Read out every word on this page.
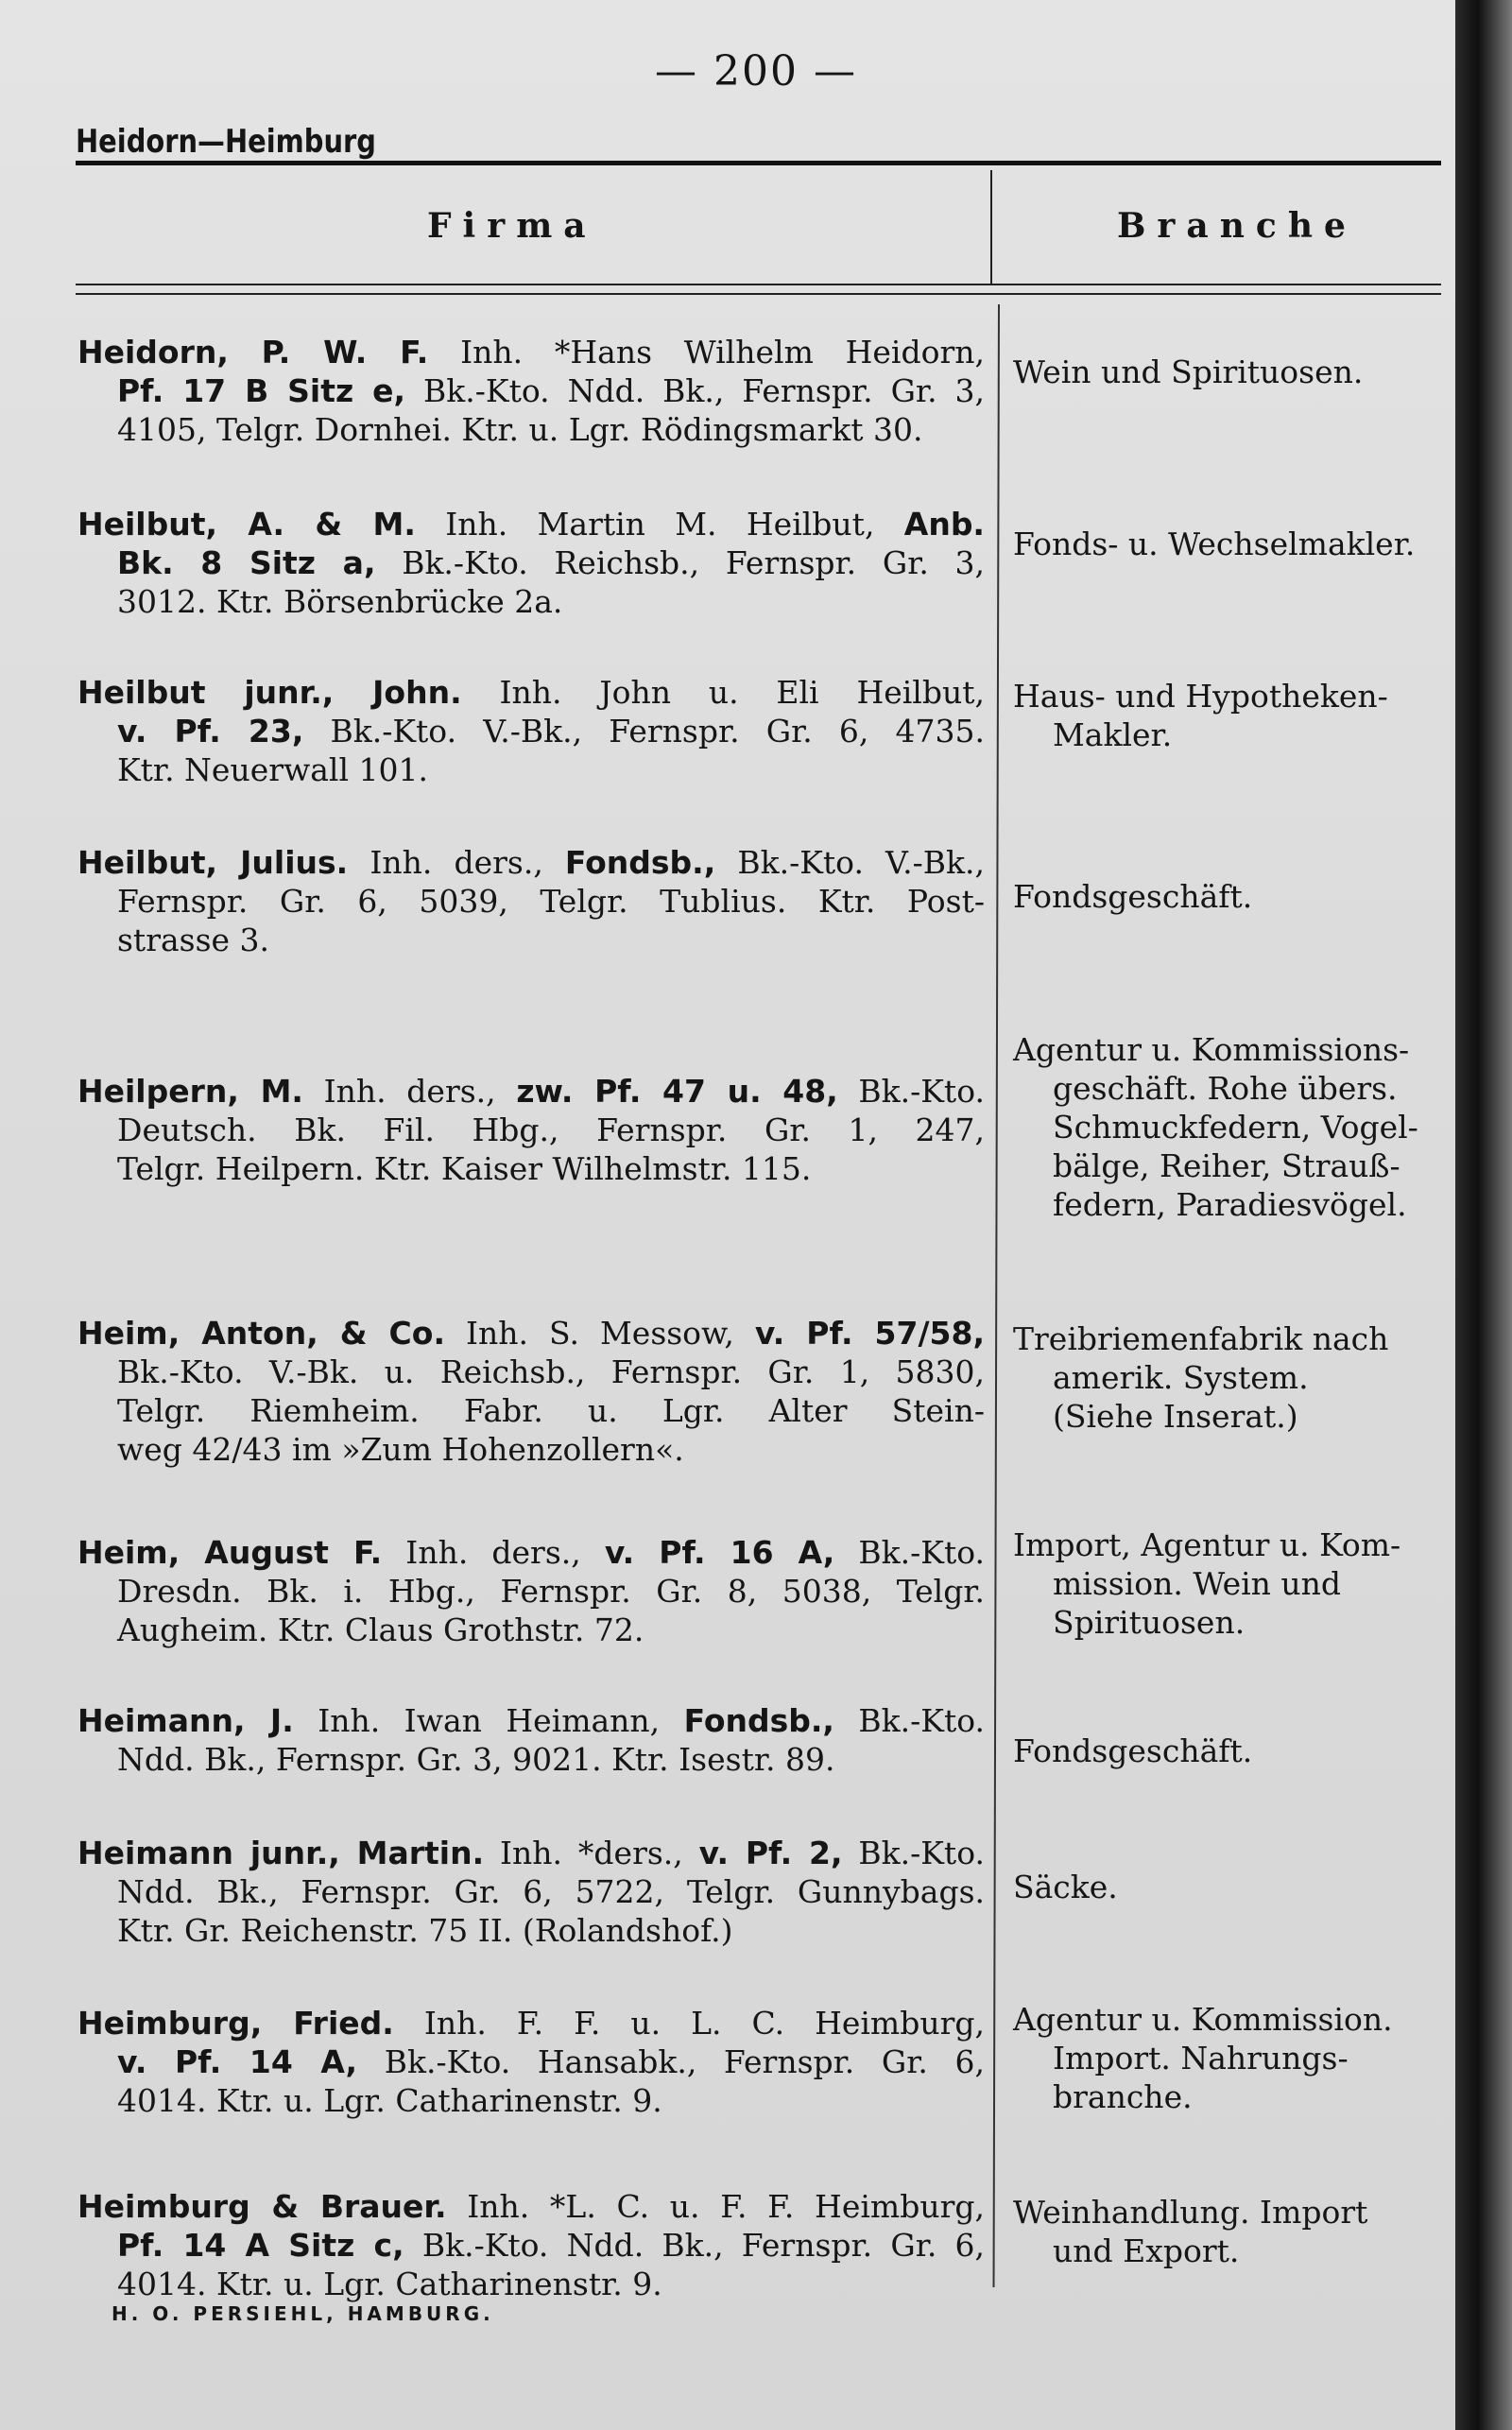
— 200 —
Heidorn—Heimburg
Firma	Branche

Heidorn, P. W. F. Inh. *Hans Wilhelm Heidorn,

Pf. 17 B Sitz e, Bk.-Kto. Ndd. Bk., Fernspr. Gr. 3,

4105, Telgr. Dornhei. Ktr. u. Lgr. Rödingsmarkt 30.

Wein und Spirituosen.

Heilbut, A. & M. Inh. Martin M. Heilbut, Anb.

Bk. 8 Sitz a, Bk.-Kto. Reichsb., Fernspr. Gr. 3,

3012. Ktr. Börsenbrücke 2a.

Fonds- u. Wechselmakler.

Heilbut junr., John. Inh. John u. Eli Heilbut,

v. Pf. 23, Bk.-Kto. V.-Bk., Fernspr. Gr. 6, 4735.

Ktr. Neuerwall 101.

Haus- und Hypotheken-
Makler.

Heilbut, Julius. Inh. ders., Fondsb., Bk.-Kto. V.-Bk.,

Fernspr. Gr. 6, 5039, Telgr. Tublius. Ktr. Post-

strasse 3.

Fondsgeschäft.

Heilpern, M. Inh. ders., zw. Pf. 47 u. 48, Bk.-Kto.

Deutsch. Bk. Fil. Hbg., Fernspr. Gr. 1, 247,

Telgr. Heilpern. Ktr. Kaiser Wilhelmstr. 115.

Agentur u. Kommissions-
geschäft. Rohe übers.
Schmuckfedern, Vogel-
bälge, Reiher, Strauß-
federn, Paradiesvögel.

Heim, Anton, & Co. Inh. S. Messow, v. Pf. 57/58,

Bk.-Kto. V.-Bk. u. Reichsb., Fernspr. Gr. 1, 5830,

Telgr. Riemheim. Fabr. u. Lgr. Alter Stein-

weg 42/43 im »Zum Hohenzollern«.

Treibriemenfabrik nach
amerik. System.
(Siehe Inserat.)

Heim, August F. Inh. ders., v. Pf. 16 A, Bk.-Kto.

Dresdn. Bk. i. Hbg., Fernspr. Gr. 8, 5038, Telgr.

Augheim. Ktr. Claus Grothstr. 72.

Import, Agentur u. Kom-
mission. Wein und
Spirituosen.

Heimann, J. Inh. Iwan Heimann, Fondsb., Bk.-Kto.

Ndd. Bk., Fernspr. Gr. 3, 9021. Ktr. Isestr. 89.	Fondsgeschäft.

Heimann junr., Martin. Inh. *ders., v. Pf. 2, Bk.-Kto.

Ndd. Bk., Fernspr. Gr. 6, 5722, Telgr. Gunnybags.

Ktr. Gr. Reichenstr. 75 II. (Rolandshof.)

Säcke.

Heimburg, Fried. Inh. F. F. u. L. C. Heimburg,

v. Pf. 14 A, Bk.-Kto. Hansabk., Fernspr. Gr. 6,

4014. Ktr. u. Lgr. Catharinenstr. 9.

Agentur u. Kommission.
Import. Nahrungs-
branche.

Heimburg & Brauer. Inh. *L. C. u. F. F. Heimburg,

Pf. 14 A Sitz c, Bk.-Kto. Ndd. Bk., Fernspr. Gr. 6,

4014. Ktr. u. Lgr. Catharinenstr. 9.

Weinhandlung. Import
und Export.
H. O. PERSIEHL, HAMBURG.
